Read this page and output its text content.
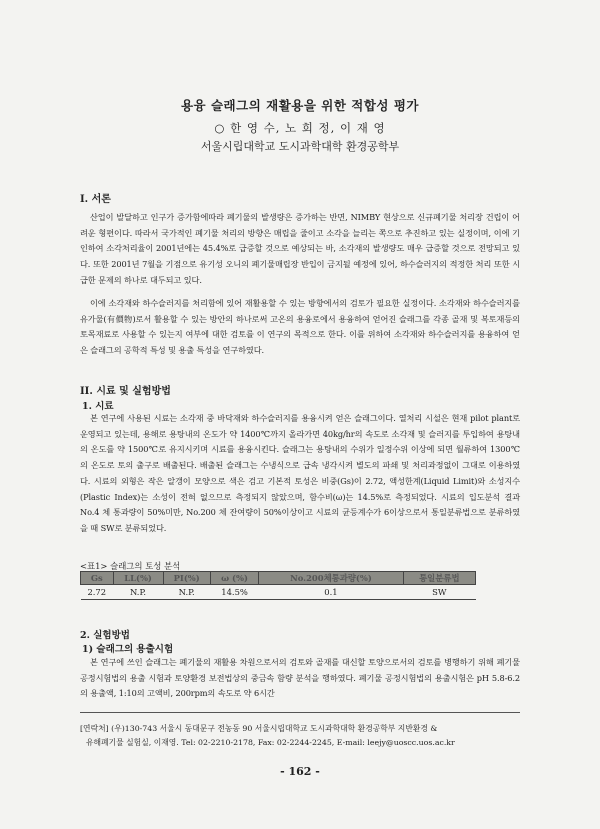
용융 슬래그의 재활용을 위한 적합성 평가
○ 한 영 수, 노 희 정, 이 재 영
서울시립대학교 도시과학대학 환경공학부
I. 서론
산업이 발달하고 인구가 증가함에따라 폐기물의 발생량은 증가하는 반면, NIMBY 현상으로 신규폐기물 처리장 건립이 어려운 형편이다. 따라서 국가적인 폐기물 처리의 방향은 매립을 줄이고 소각을 늘리는 쪽으로 추진하고 있는 실정이며, 이에 기인하여 소각처리율이 2001년에는 45.4%로 급증할 것으로 예상되는 바, 소각재의 발생량도 매우 급증할 것으로 전망되고 있다. 또한 2001년 7월을 기점으로 유기성 오니의 폐기물매립장 반입이 금지될 예정에 있어, 하수슬러지의 적정한 처리 또한 시급한 문제의 하나로 대두되고 있다.
이에 소각재와 하수슬러지를 처리함에 있어 재활용할 수 있는 방향에서의 검토가 필요한 실정이다. 소각재와 하수슬러지를 유가물(有價物)로서 활용할 수 있는 방안의 하나로써 고온의 용융로에서 용융하여 얻어진 슬래그를 각종 골재 및 복토재등의 토목재료로 사용할 수 있는지 여부에 대한 검토를 이 연구의 목적으로 한다. 이를 위하여 소각재와 하수슬러지를 용융하여 얻은 슬래그의 공학적 특성 및 용출 특성을 연구하였다.
II. 시료 및 실험방법
1. 시료
본 연구에 사용된 시료는 소각재 중 바닥재와 하수슬러지를 용융시켜 얻은 슬래그이다. 열처리 시설은 현재 pilot plant로 운영되고 있는데, 용해로 용탕내의 온도가 약 1400℃까지 올라가면 40kg/hr의 속도로 소각재 및 슬러지를 투입하여 용탕내의 온도를 약 1500℃로 유지시키며 시료를 용융시킨다. 슬래그는 용탕내의 수위가 일정수위 이상에 되면 월류하여 1300℃의 온도로 토의 출구로 배출된다. 배출된 슬래그는 수냉식으로 급속 냉각시켜 별도의 파쇄 및 처리과정없이 그대로 이용하였다. 시료의 외형은 작은 알갱이 모양으로 색은 검고 기본적 토성은 비중(Gs)이 2.72, 액성한계(Liquid Limit)와 소성지수(Plastic Index)는 소성이 전혀 없으므로 측정되지 않았으며, 함수비(ω)는 14.5%로 측정되었다. 시료의 입도분석 결과 No.4 체 통과량이 50%미만, No.200 체 잔여량이 50%이상이고 시료의 균등계수가 6이상으로서 통일분류법으로 분류하였을 때 SW로 분류되었다.
<표1> 슬래그의 토성 분석
Gs	LL(%)	PI(%)	ω (%)	No.200체통과량(%)	통일분류법
2.72	N.P.	N.P.	14.5%	0.1	SW
2. 실험방법
1) 슬래그의 용출시험
본 연구에 쓰인 슬래그는 폐기물의 재활용 차원으로서의 검토와 골재를 대신할 토양으로서의 검토를 병행하기 위해 폐기물 공정시험법의 용출 시험과 토양환경 보전법상의 중금속 함량 분석을 행하였다. 폐기물 공정시험법의 용출시험은 pH 5.8-6.2의 용출액, 1:10의 고액비, 200rpm의 속도로 약 6시간
[연락처] (우)130-743 서울시 동대문구 전농동 90 서울시립대학교 도시과학대학 환경공학부 지반환경 &
유해폐기물 실험실, 이재영. Tel: 02-2210-2178, Fax: 02-2244-2245, E-mail: leejy@uoscc.uos.ac.kr
- 162 -
